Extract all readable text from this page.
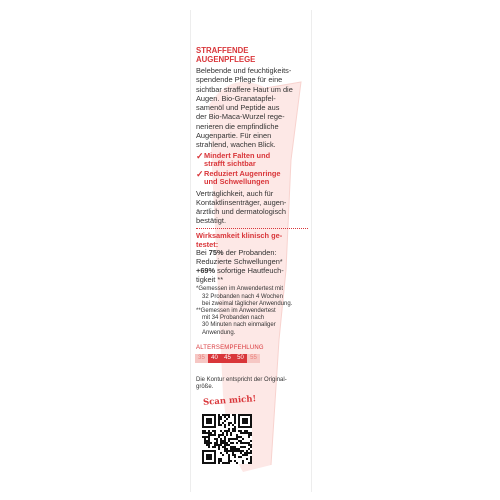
STRAFFENDE AUGENPFLEGE

Belebende und feuchtigkeits-
spendende Pflege für eine
sichtbar straffere Haut um die
Augen. Bio-Granatapfel-
samenöl und Peptide aus
der Bio-Maca-Wurzel rege-
nerieren die empfindliche
Augenpartie. Für einen
strahlend, wachen Blick.

✓ Mindert Falten und
strafft sichtbar
✓ Reduziert Augenringe
und Schwellungen

Verträglichkeit, auch für
Kontaktlinsenträger, augen-
ärztlich und dermatologisch
bestätigt.

Wirksamkeit klinisch ge-
testet:

Bei 75% der Probanden:
Reduzierte Schwellungen*
+69% sofortige Hautfeuch-
tigkeit **

*Gemessen im Anwendertest mit

32 Probanden nach 4 Wochen

bei zweimal täglicher Anwendung.

**Gemessen im Anwendertest

mit 34 Probanden nach

30 Minuten nach einmaliger

Anwendung.

ALTERSEMPFEHLUNG

35	40	45	50	55

Die Kontur entspricht der Original-
größe.

Scan mich!
